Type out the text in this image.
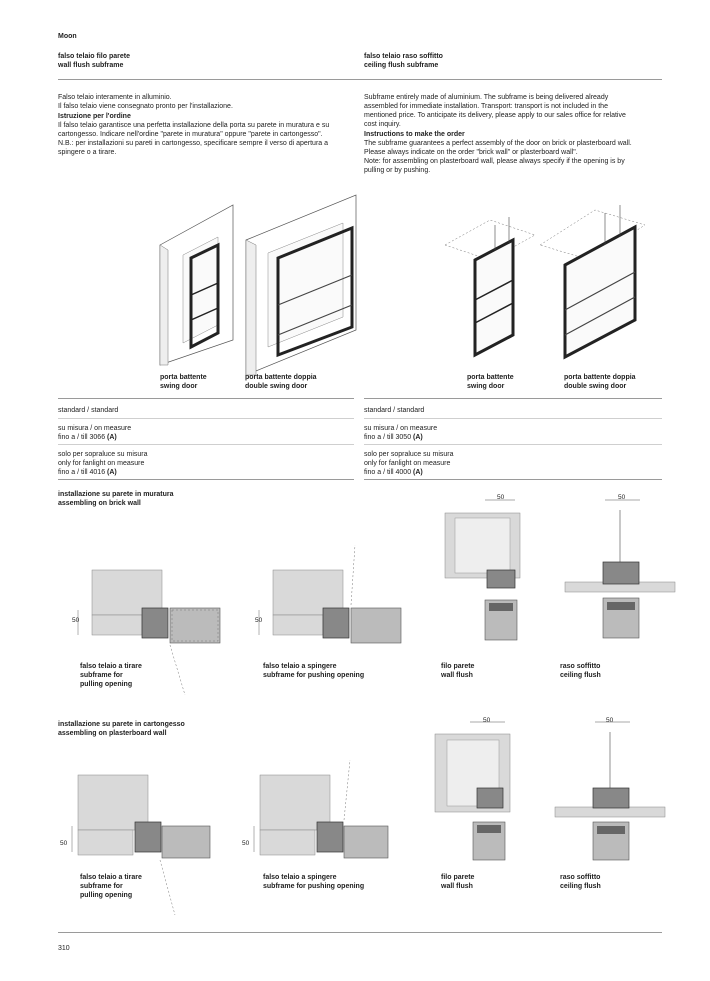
Moon
falso telaio filo parete
wall flush subframe
falso telaio raso soffitto
ceiling flush subframe
Falso telaio interamente in alluminio.
Il falso telaio viene consegnato pronto per l'installazione.
Istruzione per l'ordine
Il falso telaio garantisce una perfetta installazione della porta su parete in muratura e su
cartongesso. Indicare nell'ordine "parete in muratura" oppure "parete in cartongesso".
N.B.: per installazioni su pareti in cartongesso, specificare sempre il verso di apertura a
spingere o a tirare.
Subframe entirely made of aluminium. The subframe is being delivered already
assembled for immediate installation. Transport: transport is not included in the
mentioned price. To anticipate its delivery, please apply to our sales office for relative
cost inquiry.
Instructions to make the order
The subframe guarantees a perfect assembly of the door on brick or plasterboard wall.
Please always indicate on the order "brick wall" or plasterboard wall".
Note: for assembling on plasterboard wall, please always specify if the opening is by
pulling or by pushing.
porta battente
swing door
porta battente doppia
double swing door
porta battente
swing door
porta battente doppia
double swing door
standard / standard	standard / standard
su misura / on measure
fino a / till 3066 (A)
su misura / on measure
fino a / till 3050 (A)
solo per sopraluce su misura
only for fanlight on measure
fino a / till 4016 (A)
solo per sopraluce su misura
only for fanlight on measure
fino a / till 4000 (A)
installazione su parete in muratura
assembling on brick wall
50	50
50	50
falso telaio a tirare
subframe for
pulling opening
falso telaio a spingere
subframe for pushing opening
filo parete
wall flush
raso soffitto
ceiling flush
installazione su parete in cartongesso
assembling on plasterboard wall
50	50
50	50
falso telaio a tirare
subframe for
pulling opening
falso telaio a spingere
subframe for pushing opening
filo parete
wall flush
raso soffitto
ceiling flush
310
